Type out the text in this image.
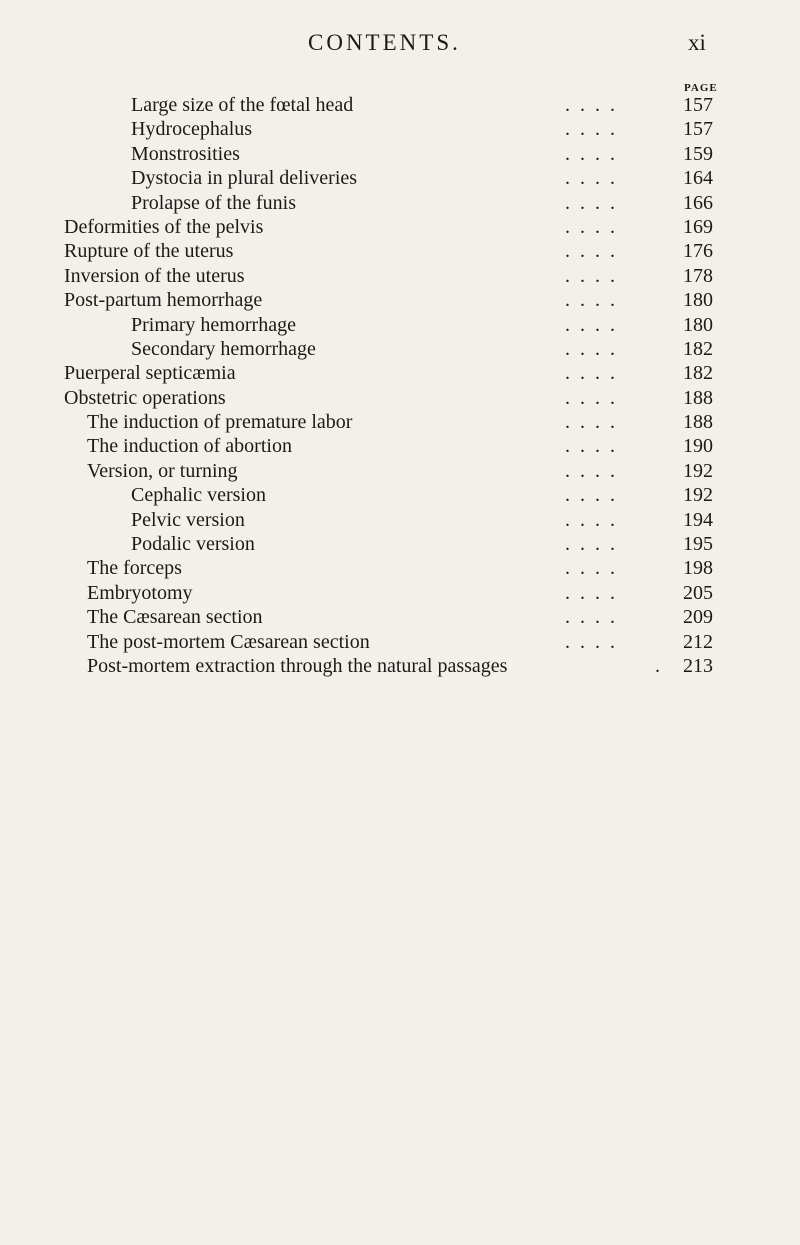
CONTENTS.	xi
PAGE
Large size of the fœtal head	.  .  .  .	157
Hydrocephalus	.  .  .  .	157
Monstrosities	.  .  .  .	159
Dystocia in plural deliveries	.  .  .  .	164
Prolapse of the funis	.  .  .  .	166
Deformities of the pelvis	.  .  .  .	169
Rupture of the uterus	.  .  .  .	176
Inversion of the uterus	.  .  .  .	178
Post-partum hemorrhage	.  .  .  .	180
Primary hemorrhage	.  .  .  .	180
Secondary hemorrhage	.  .  .  .	182
Puerperal septicæmia	.  .  .  .	182
Obstetric operations	.  .  .  .	188
The induction of premature labor	.  .  .  .	188
The induction of abortion	.  .  .  .	190
Version, or turning	.  .  .  .	192
Cephalic version	.  .  .  .	192
Pelvic version	.  .  .  .	194
Podalic version	.  .  .  .	195
The forceps	.  .  .  .	198
Embryotomy	.  .  .  .	205
The Cæsarean section	.  .  .  .	209
The post-mortem Cæsarean section	.  .  .  .	212
Post-mortem extraction through the natural passages	.	213
